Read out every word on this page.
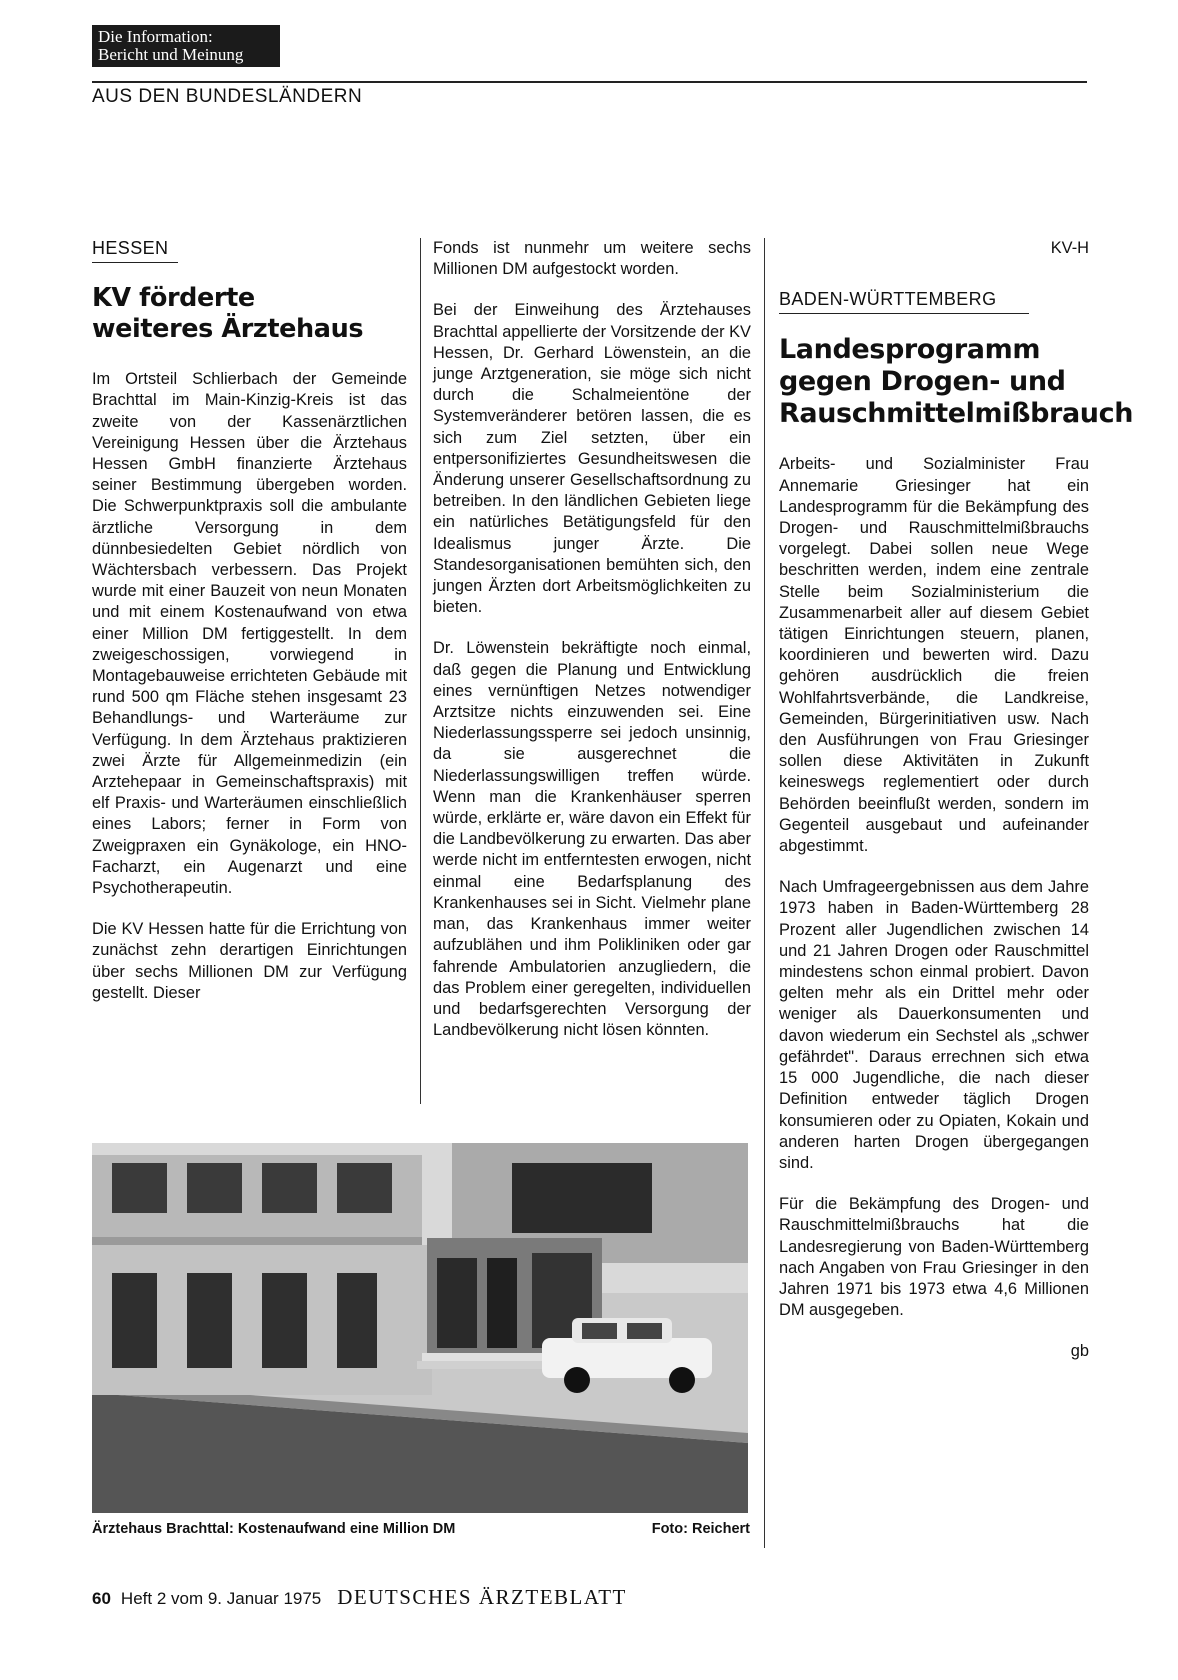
Die Information:
Bericht und Meinung
AUS DEN BUNDESLÄNDERN
HESSEN
KV förderte
weiteres Ärztehaus

Im Ortsteil Schlierbach der Gemeinde Brachttal im Main-Kinzig-Kreis ist das zweite von der Kassenärztlichen Vereinigung Hessen über die Ärztehaus Hessen GmbH finanzierte Ärztehaus seiner Bestimmung übergeben worden. Die Schwerpunktpraxis soll die ambulante ärztliche Versorgung in dem dünnbesiedelten Gebiet nördlich von Wächtersbach verbessern. Das Projekt wurde mit einer Bauzeit von neun Monaten und mit einem Kostenaufwand von etwa einer Million DM fertiggestellt. In dem zweigeschossigen, vorwiegend in Montagebauweise errichteten Gebäude mit rund 500 qm Fläche stehen insgesamt 23 Behandlungs- und Warteräume zur Verfügung. In dem Ärztehaus praktizieren zwei Ärzte für Allgemeinmedizin (ein Arztehepaar in Gemeinschaftspraxis) mit elf Praxis- und Warteräumen einschließlich eines Labors; ferner in Form von Zweigpraxen ein Gynäkologe, ein HNO-Facharzt, ein Augenarzt und eine Psychotherapeutin.

Die KV Hessen hatte für die Errichtung von zunächst zehn derartigen Einrichtungen über sechs Millionen DM zur Verfügung gestellt. Dieser

Fonds ist nunmehr um weitere sechs Millionen DM aufgestockt worden.

Bei der Einweihung des Ärztehauses Brachttal appellierte der Vorsitzende der KV Hessen, Dr. Gerhard Löwenstein, an die junge Arztgeneration, sie möge sich nicht durch die Schalmeientöne der Systemveränderer betören lassen, die es sich zum Ziel setzten, über ein entpersonifiziertes Gesundheitswesen die Änderung unserer Gesellschaftsordnung zu betreiben. In den ländlichen Gebieten liege ein natürliches Betätigungsfeld für den Idealismus junger Ärzte. Die Standesorganisationen bemühten sich, den jungen Ärzten dort Arbeitsmöglichkeiten zu bieten.

Dr. Löwenstein bekräftigte noch einmal, daß gegen die Planung und Entwicklung eines vernünftigen Netzes notwendiger Arztsitze nichts einzuwenden sei. Eine Niederlassungssperre sei jedoch unsinnig, da sie ausgerechnet die Niederlassungswilligen treffen würde. Wenn man die Krankenhäuser sperren würde, erklärte er, wäre davon ein Effekt für die Landbevölkerung zu erwarten. Das aber werde nicht im entferntesten erwogen, nicht einmal eine Bedarfsplanung des Krankenhauses sei in Sicht. Vielmehr plane man, das Krankenhaus immer weiter aufzublähen und ihm Polikliniken oder gar fahrende Ambulatorien anzugliedern, die das Problem einer geregelten, individuellen und bedarfsgerechten Versorgung der Landbevölkerung nicht lösen könnten.

KV-H
BADEN-WÜRTTEMBERG
Landesprogramm
gegen Drogen- und
Rauschmittelmißbrauch

Arbeits- und Sozialminister Frau Annemarie Griesinger hat ein Landesprogramm für die Bekämpfung des Drogen- und Rauschmittelmißbrauchs vorgelegt. Dabei sollen neue Wege beschritten werden, indem eine zentrale Stelle beim Sozialministerium die Zusammenarbeit aller auf diesem Gebiet tätigen Einrichtungen steuern, planen, koordinieren und bewerten wird. Dazu gehören ausdrücklich die freien Wohlfahrtsverbände, die Landkreise, Gemeinden, Bürgerinitiativen usw. Nach den Ausführungen von Frau Griesinger sollen diese Aktivitäten in Zukunft keineswegs reglementiert oder durch Behörden beeinflußt werden, sondern im Gegenteil ausgebaut und aufeinander abgestimmt.

Nach Umfrageergebnissen aus dem Jahre 1973 haben in Baden-Württemberg 28 Prozent aller Jugendlichen zwischen 14 und 21 Jahren Drogen oder Rauschmittel mindestens schon einmal probiert. Davon gelten mehr als ein Drittel mehr oder weniger als Dauerkonsumenten und davon wiederum ein Sechstel als „schwer gefährdet". Daraus errechnen sich etwa 15 000 Jugendliche, die nach dieser Definition entweder täglich Drogen konsumieren oder zu Opiaten, Kokain und anderen harten Drogen übergegangen sind.

Für die Bekämpfung des Drogen- und Rauschmittelmißbrauchs hat die Landesregierung von Baden-Württemberg nach Angaben von Frau Griesinger in den Jahren 1971 bis 1973 etwa 4,6 Millionen DM ausgegeben.

gb
Ärztehaus Brachttal: Kostenaufwand eine Million DM	Foto: Reichert
60 Heft 2 vom 9. Januar 1975 DEUTSCHES ÄRZTEBLATT
